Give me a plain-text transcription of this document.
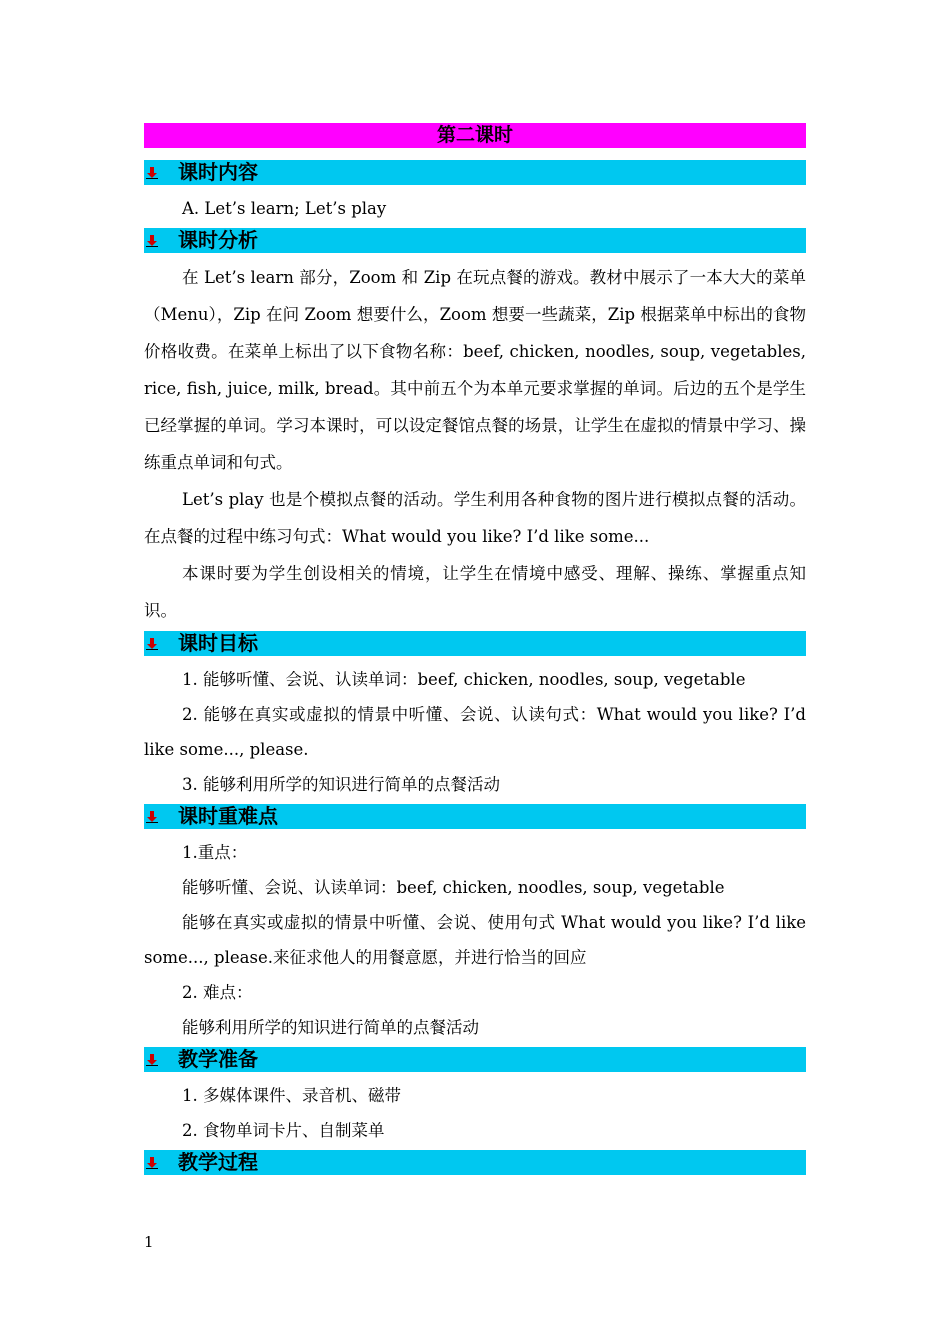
第二课时
课时内容

A. Let’s learn; Let’s play

课时分析

在 Let’s learn 部分，Zoom 和 Zip 在玩点餐的游戏。教材中展示了一本大大的菜单（Menu），Zip 在问 Zoom 想要什么，Zoom 想要一些蔬菜，Zip 根据菜单中标出的食物价格收费。在菜单上标出了以下食物名称：beef, chicken, noodles, soup, vegetables, rice, fish, juice, milk, bread。其中前五个为本单元要求掌握的单词。后边的五个是学生已经掌握的单词。学习本课时，可以设定餐馆点餐的场景，让学生在虚拟的情景中学习、操练重点单词和句式。

Let’s play 也是个模拟点餐的活动。学生利用各种食物的图片进行模拟点餐的活动。在点餐的过程中练习句式：What would you like? I’d like some...

本课时要为学生创设相关的情境，让学生在情境中感受、理解、操练、掌握重点知识。

课时目标

1. 能够听懂、会说、认读单词：beef, chicken, noodles, soup, vegetable

2. 能够在真实或虚拟的情景中听懂、会说、认读句式：What would you like? I’d like some..., please.

3. 能够利用所学的知识进行简单的点餐活动

课时重难点

1.重点：

能够听懂、会说、认读单词：beef, chicken, noodles, soup, vegetable

能够在真实或虚拟的情景中听懂、会说、使用句式 What would you like? I’d like some..., please.来征求他人的用餐意愿，并进行恰当的回应

2. 难点：

能够利用所学的知识进行简单的点餐活动

教学准备

1. 多媒体课件、录音机、磁带

2. 食物单词卡片、自制菜单

教学过程
1
